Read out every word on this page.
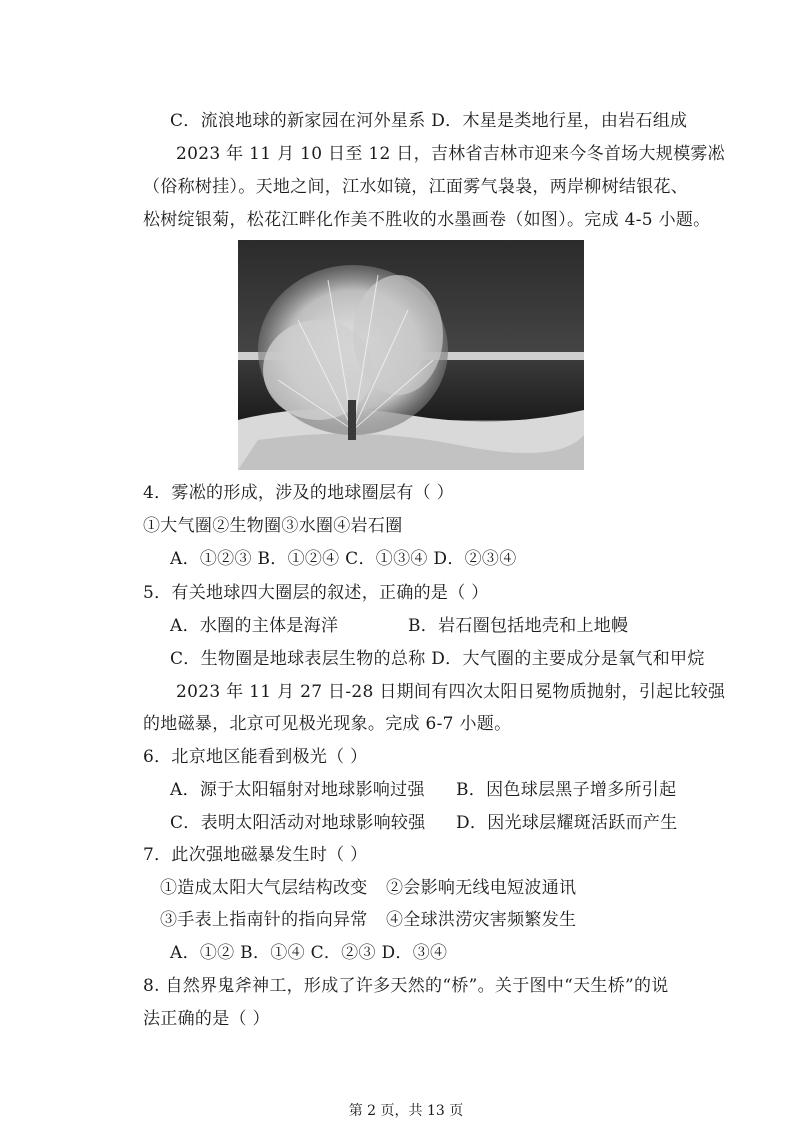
C．流浪地球的新家园在河外星系 D．木星是类地行星，由岩石组成
2023 年 11 月 10 日至 12 日，吉林省吉林市迎来今冬首场大规模雾凇
（俗称树挂）。天地之间，江水如镜，江面雾气袅袅，两岸柳树结银花、
松树绽银菊，松花江畔化作美不胜收的水墨画卷（如图）。完成 4-5 小题。
4．雾凇的形成，涉及的地球圈层有（ ）
①大气圈②生物圈③水圈④岩石圈
A．①②③ B．①②④ C．①③④ D．②③④
5．有关地球四大圈层的叙述，正确的是（ ）
A．水圈的主体是海洋	B．岩石圈包括地壳和上地幔
C．生物圈是地球表层生物的总称 D．大气圈的主要成分是氧气和甲烷
2023 年 11 月 27 日-28 日期间有四次太阳日冕物质抛射，引起比较强
的地磁暴，北京可见极光现象。完成 6-7 小题。
6．北京地区能看到极光（ ）
A．源于太阳辐射对地球影响过强 B．因色球层黑子增多所引起
C．表明太阳活动对地球影响较强 D．因光球层耀斑活跃而产生
7．此次强地磁暴发生时（ ）
①造成太阳大气层结构改变 ②会影响无线电短波通讯
③手表上指南针的指向异常 ④全球洪涝灾害频繁发生
A．①② B．①④ C．②③ D．③④
8. 自然界鬼斧神工，形成了许多天然的“桥”。关于图中“天生桥”的说
法正确的是（ ）
第 2 页，共 13 页
